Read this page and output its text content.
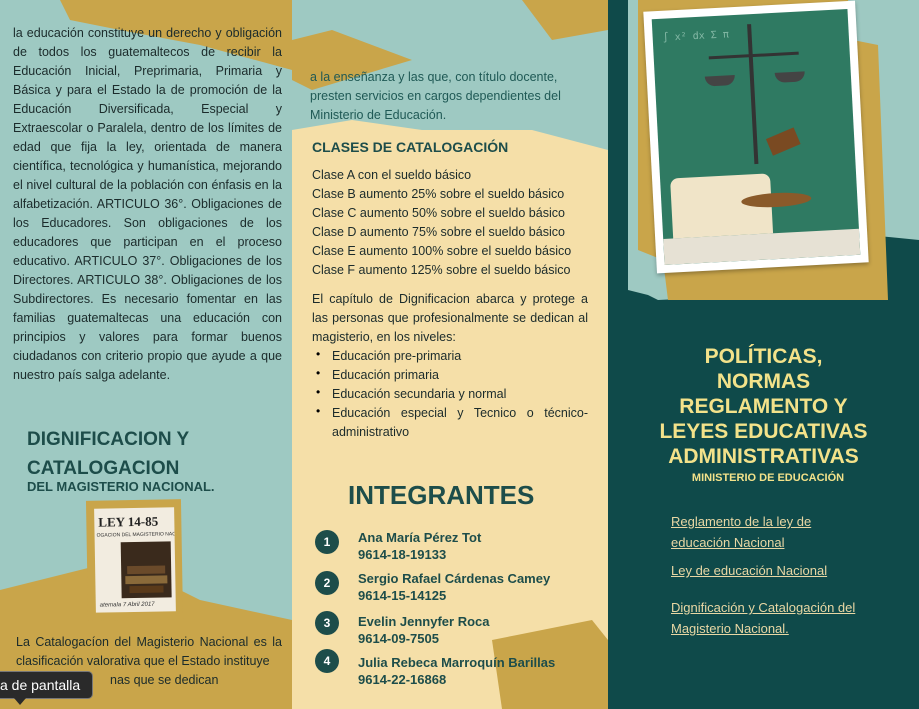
la educación constituye un derecho y obligación de todos los guatemaltecos de recibir la Educación Inicial, Preprimaria, Primaria y Básica y para el Estado la de promoción de la Educación Diversificada, Especial y Extraescolar o Paralela, dentro de los límites de edad que fija la ley, orientada de manera científica, tecnológica y humanística, mejorando el nivel cultural de la población con énfasis en la alfabetización. ARTICULO 36°. Obligaciones de los Educadores. Son obligaciones de los educadores que participan en el proceso educativo. ARTICULO 37°. Obligaciones de los Directores. ARTICULO 38°. Obligaciones de los Subdirectores. Es necesario fomentar en las familias guatemaltecas una educación con principios y valores para formar buenos ciudadanos con criterio propio que ayude a que nuestro país salga adelante.
DIGNIFICACION Y
CATALOGACION
DEL MAGISTERIO NACIONAL.
LEY 14-85
OGACION DEL MAGISTERIO NAC
atemala 7 Abril 2017
La Catalogacíon del Magisterio Nacional es la clasificación valorativa que el Estado instituye
nas que se dedican
a de pantalla
a la enseñanza y las que, con título docente, presten servicios en cargos dependientes del Ministerio de Educación.
CLASES DE CATALOGACIÓN
Clase A con el sueldo básico
Clase B aumento 25% sobre el sueldo básico
Clase C aumento 50% sobre el sueldo básico
Clase D aumento 75% sobre el sueldo básico
Clase E aumento 100% sobre el sueldo básico
Clase F aumento 125% sobre el sueldo básico
El capítulo de Dignificacion abarca y protege a las personas que profesionalmente se dedican al magisterio, en los niveles:
• Educación pre-primaria
• Educación primaria
• Educación secundaria y normal
• Educación especial y Tecnico o técnico-administrativo
INTEGRANTES
1	Ana María Pérez Tot
9614-18-19133
2	Sergio Rafael Cárdenas Camey
9614-15-14125
3	Evelin Jennyfer Roca
9614-09-7505
4	Julia Rebeca Marroquín Barillas
9614-22-16868
∫ x² dx Σ π
POLÍTICAS,
NORMAS
REGLAMENTO Y
LEYES EDUCATIVAS
ADMINISTRATIVAS
MINISTERIO DE EDUCACIÓN
Reglamento de la ley de educación Nacional
Ley de educación Nacional
Dignificación y Catalogación del Magisterio Nacional.
